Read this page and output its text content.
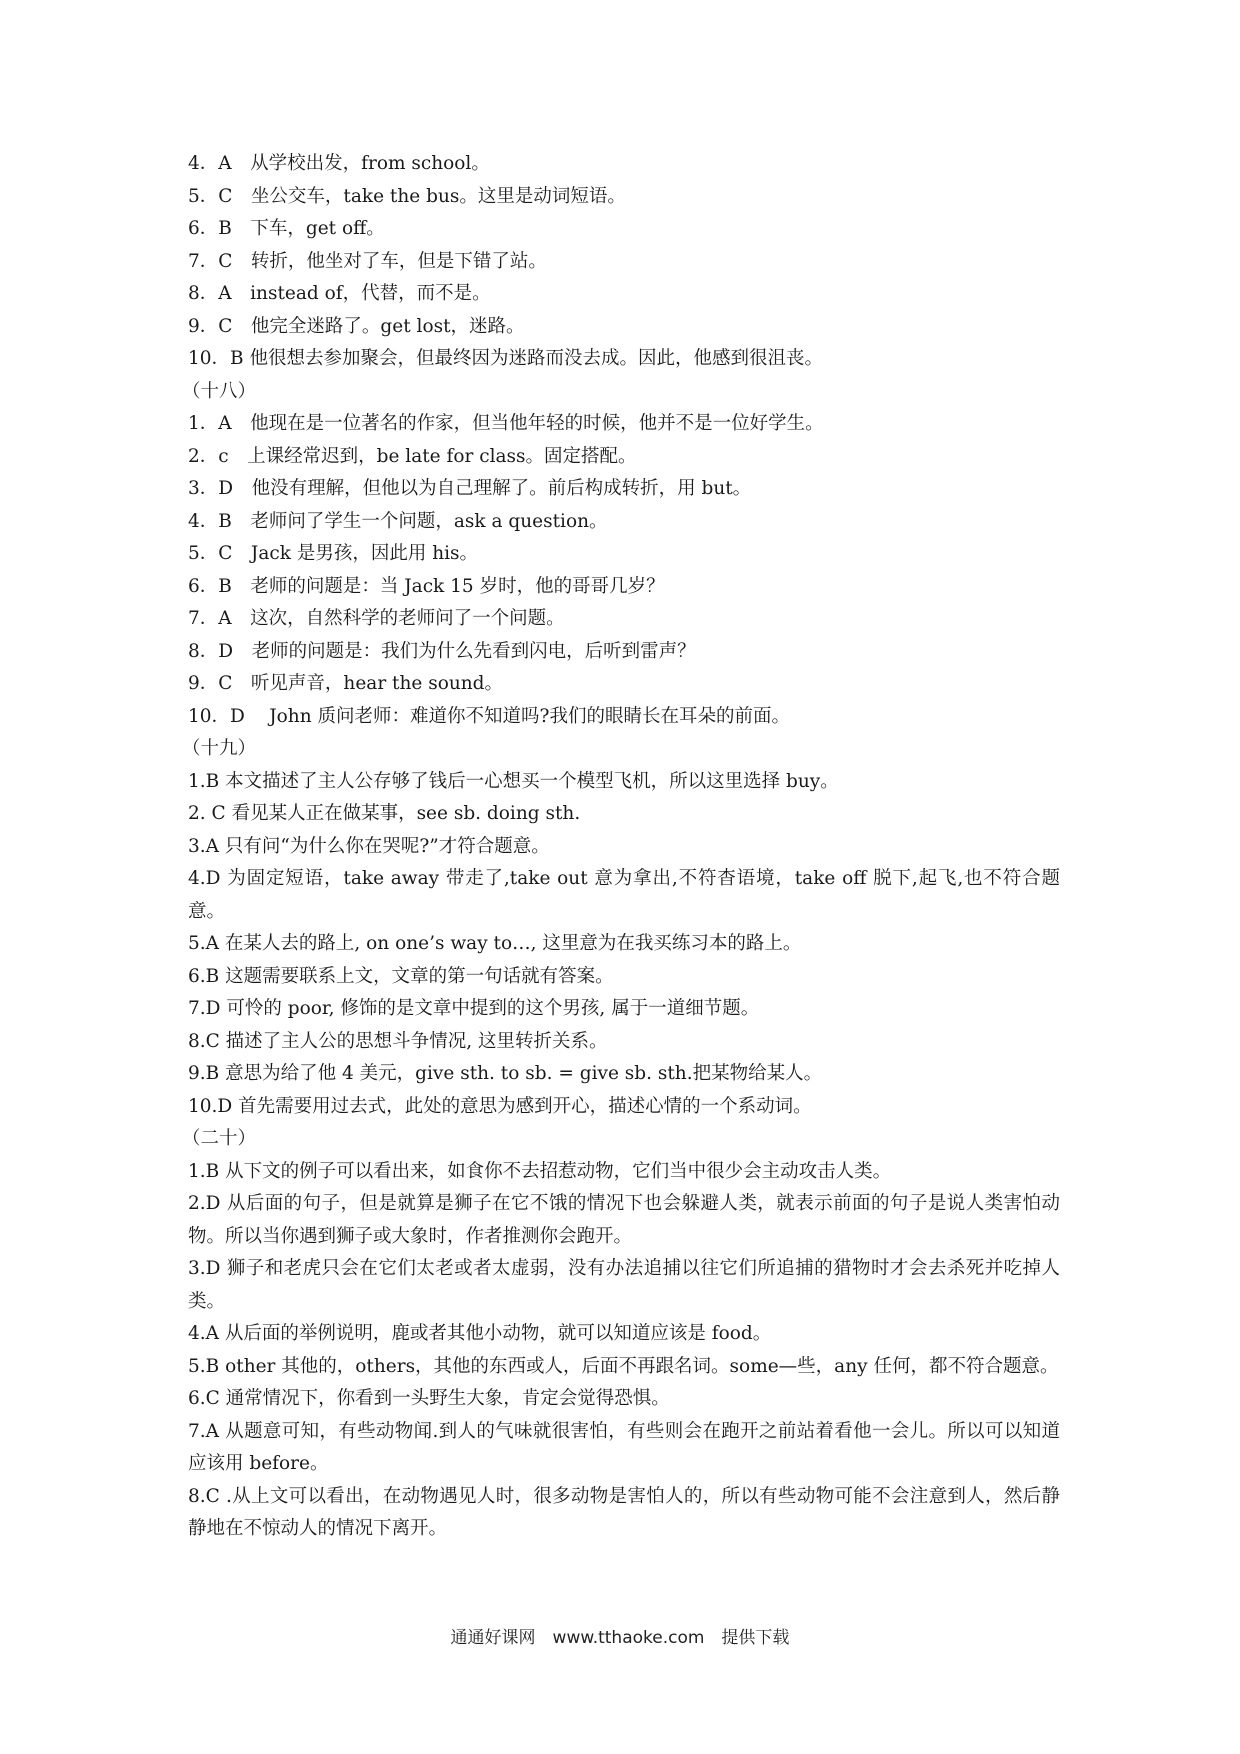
4．A　从学校出发，from school。
5．C　坐公交车，take the bus。这里是动词短语。
6．B　下车，get off。
7．C　转折，他坐对了车，但是下错了站。
8．A　instead of，代替，而不是。
9．C　他完全迷路了。get lost，迷路。
10．B 他很想去参加聚会，但最终因为迷路而没去成。因此，他感到很沮丧。
（十八）
1．A　他现在是一位著名的作家，但当他年轻的时候，他并不是一位好学生。
2．c　上课经常迟到，be late for class。固定搭配。
3．D　他没有理解，但他以为自己理解了。前后构成转折，用 but。
4．B　老师问了学生一个问题，ask a question。
5．C　Jack 是男孩，因此用 his。
6．B　老师的问题是：当 Jack 15 岁时，他的哥哥几岁？
7．A　这次，自然科学的老师问了一个问题。
8．D　老师的问题是：我们为什么先看到闪电，后听到雷声？
9．C　听见声音，hear the sound。
10．D　 John 质问老师：难道你不知道吗?我们的眼睛长在耳朵的前面。
（十九）
1.B 本文描述了主人公存够了钱后一心想买一个模型飞机，所以这里选择 buy。
2. C 看见某人正在做某事，see sb. doing sth.
3.A 只有问“为什么你在哭呢?”才符合题意。
4.D 为固定短语，take away 带走了,take out 意为拿出,不符杳语境，take off 脱下,起飞,也不符合题意。
5.A 在某人去的路上, on one’s way to…, 这里意为在我买练习本的路上。
6.B 这题需要联系上文，文章的第一句话就有答案。
7.D 可怜的 poor, 修饰的是文章中提到的这个男孩, 属于一道细节题。
8.C 描述了主人公的思想斗争情况, 这里转折关系。
9.B 意思为给了他 4 美元，give sth. to sb. = give sb. sth.把某物给某人。
10.D 首先需要用过去式，此处的意思为感到开心，描述心情的一个系动词。
（二十）
1.B 从下文的例子可以看出来，如食你不去招惹动物，它们当中很少会主动攻击人类。
2.D 从后面的句子，但是就算是狮子在它不饿的情况下也会躲避人类，就表示前面的句子是说人类害怕动物。所以当你遇到狮子或大象时，作者推测你会跑开。
3.D 狮子和老虎只会在它们太老或者太虚弱，没有办法追捕以往它们所追捕的猎物时才会去杀死并吃掉人类。
4.A 从后面的举例说明，鹿或者其他小动物，就可以知道应该是 food。
5.B other 其他的，others，其他的东西或人，后面不再跟名词。some—些，any 任何，都不符合题意。
6.C 通常情况下，你看到一头野生大象，肯定会觉得恐惧。
7.A 从题意可知，有些动物闻.到人的气味就很害怕，有些则会在跑开之前站着看他一会儿。所以可以知道应该用 before。
8.C .从上文可以看出，在动物遇见人时，很多动物是害怕人的，所以有些动物可能不会注意到人，然后静静地在不惊动人的情况下离开。
通通好课网　www.tthaoke.com　提供下载
